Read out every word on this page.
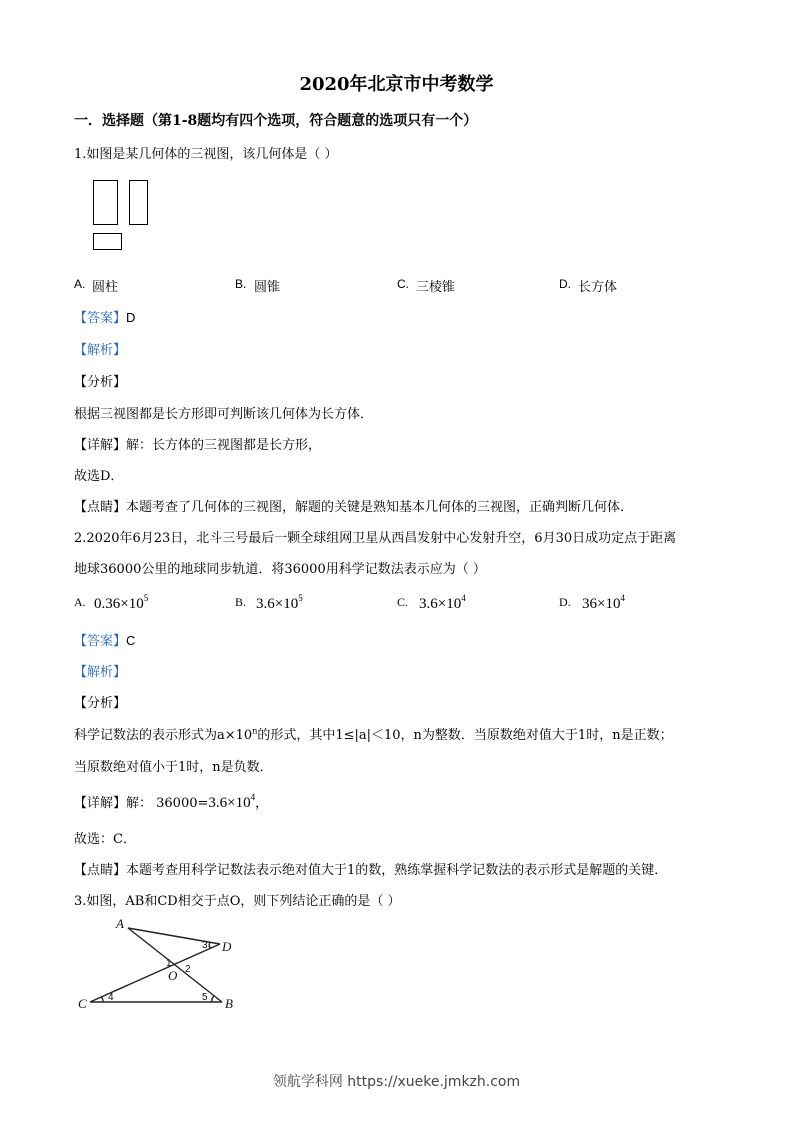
2020年北京市中考数学
一．选择题（第1-8题均有四个选项，符合题意的选项只有一个）
1.如图是某几何体的三视图，该几何体是（ ）
A. 圆柱	B. 圆锥	C. 三棱锥	D. 长方体
【答案】D
【解析】
【分析】
根据三视图都是长方形即可判断该几何体为长方体．
【详解】解：长方体的三视图都是长方形，
故选D．
【点睛】本题考查了几何体的三视图，解题的关键是熟知基本几何体的三视图，正确判断几何体．
2.2020年6月23日，北斗三号最后一颗全球组网卫星从西昌发射中心发射升空，6月30日成功定点于距离
地球36000公里的地球同步轨道．将36000用科学记数法表示应为（ ）
A. $0.36\times 10^5$	B. $3.6\times 10^5$	C. $3.6\times 10^4$	D. $36\times 10^4$
【答案】C
【解析】
【分析】
科学记数法的表示形式为$a\times 10^n$的形式，其中1≤|a|＜10，n为整数．当原数绝对值大于1时，n是正数；
当原数绝对值小于1时，n是负数．
【详解】解： $36000=3.6\times 10^4$，
故选：C．
【点睛】本题考查用科学记数法表示绝对值大于1的数，熟练掌握科学记数法的表示形式是解题的关键．
3.如图，AB和CD相交于点O，则下列结论正确的是（ ）
A
D
C	B
O
1
2
3
4	5
领航学科网 https://xueke.jmkzh.com
